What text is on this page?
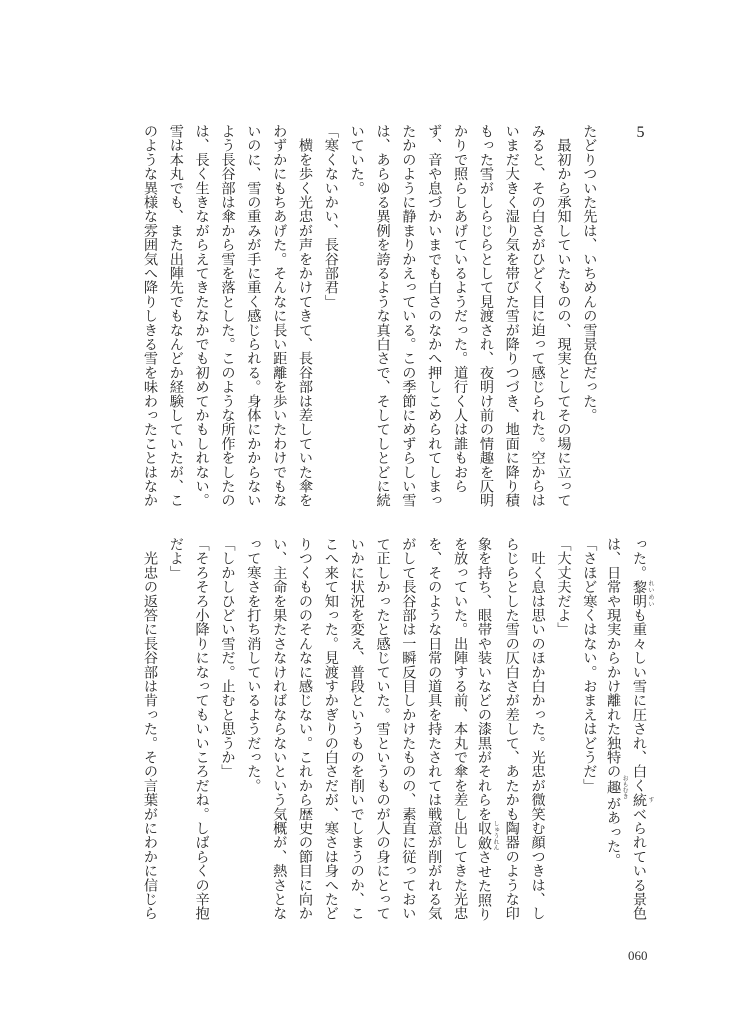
5
たどりついた先は、いちめんの雪景色だった。
　最初から承知していたものの、現実としてその場に立って
みると、その白さがひどく目に迫って感じられた。空からは
いまだ大きく湿り気を帯びた雪が降りつづき、地面に降り積
もった雪がしらじらとして見渡され、夜明け前の情趣を仄明
かりで照らしあげているようだった。道行く人は誰もおら
ず、音や息づかいまでも白さのなかへ押しこめられてしまっ
たかのように静まりかえっている。この季節にめずらしい雪
は、あらゆる異例を誇るような真白さで、そしてしとどに続
いていた。
「寒くないかい、長谷部君」
　横を歩く光忠が声をかけてきて、長谷部は差していた傘を
わずかにもちあげた。そんなに長い距離を歩いたわけでもな
いのに、雪の重みが手に重く感じられる。身体にかからない
よう長谷部は傘から雪を落とした。このような所作をしたの
は、長く生きながらえてきたなかでも初めてかもしれない。
雪は本丸でも、また出陣先でもなんどか経験していたが、こ
のような異様な雰囲気へ降りしきる雪を味わったことはなか
った。黎明 れいめいも重々しい雪に圧され、白く統 すべられている景色
は、日常や現実からかけ離れた独特の趣 おもむきがあった。
「さほど寒くはない。おまえはどうだ」
「大丈夫だよ」
　吐く息は思いのほか白かった。光忠が微笑む顔つきは、し
らじらとした雪の仄白さが差して、あたかも陶器のような印
象を持ち、眼帯や装いなどの漆黒がそれらを収斂 しゅうれんさせた照り
を放っていた。出陣する前、本丸で傘を差し出してきた光忠
を、そのような日常の道具を持たされては戦意が削がれる気
がして長谷部は一瞬反目しかけたものの、素直に従っておい
て正しかったと感じていた。雪というものが人の身にとって
いかに状況を変え、普段というものを削いでしまうのか、こ
こへ来て知った。見渡すかぎりの白さだが、寒さは身へたど
りつくもののそんなに感じない。これから歴史の節目に向か
い、主命を果たさなければならないという気概が、熱さとな
って寒さを打ち消しているようだった。
「しかしひどい雪だ。止むと思うか」
「そろそろ小降りになってもいいころだね。しばらくの辛抱
だよ」
　光忠の返答に長谷部は肯った。その言葉がにわかに信じら
060
